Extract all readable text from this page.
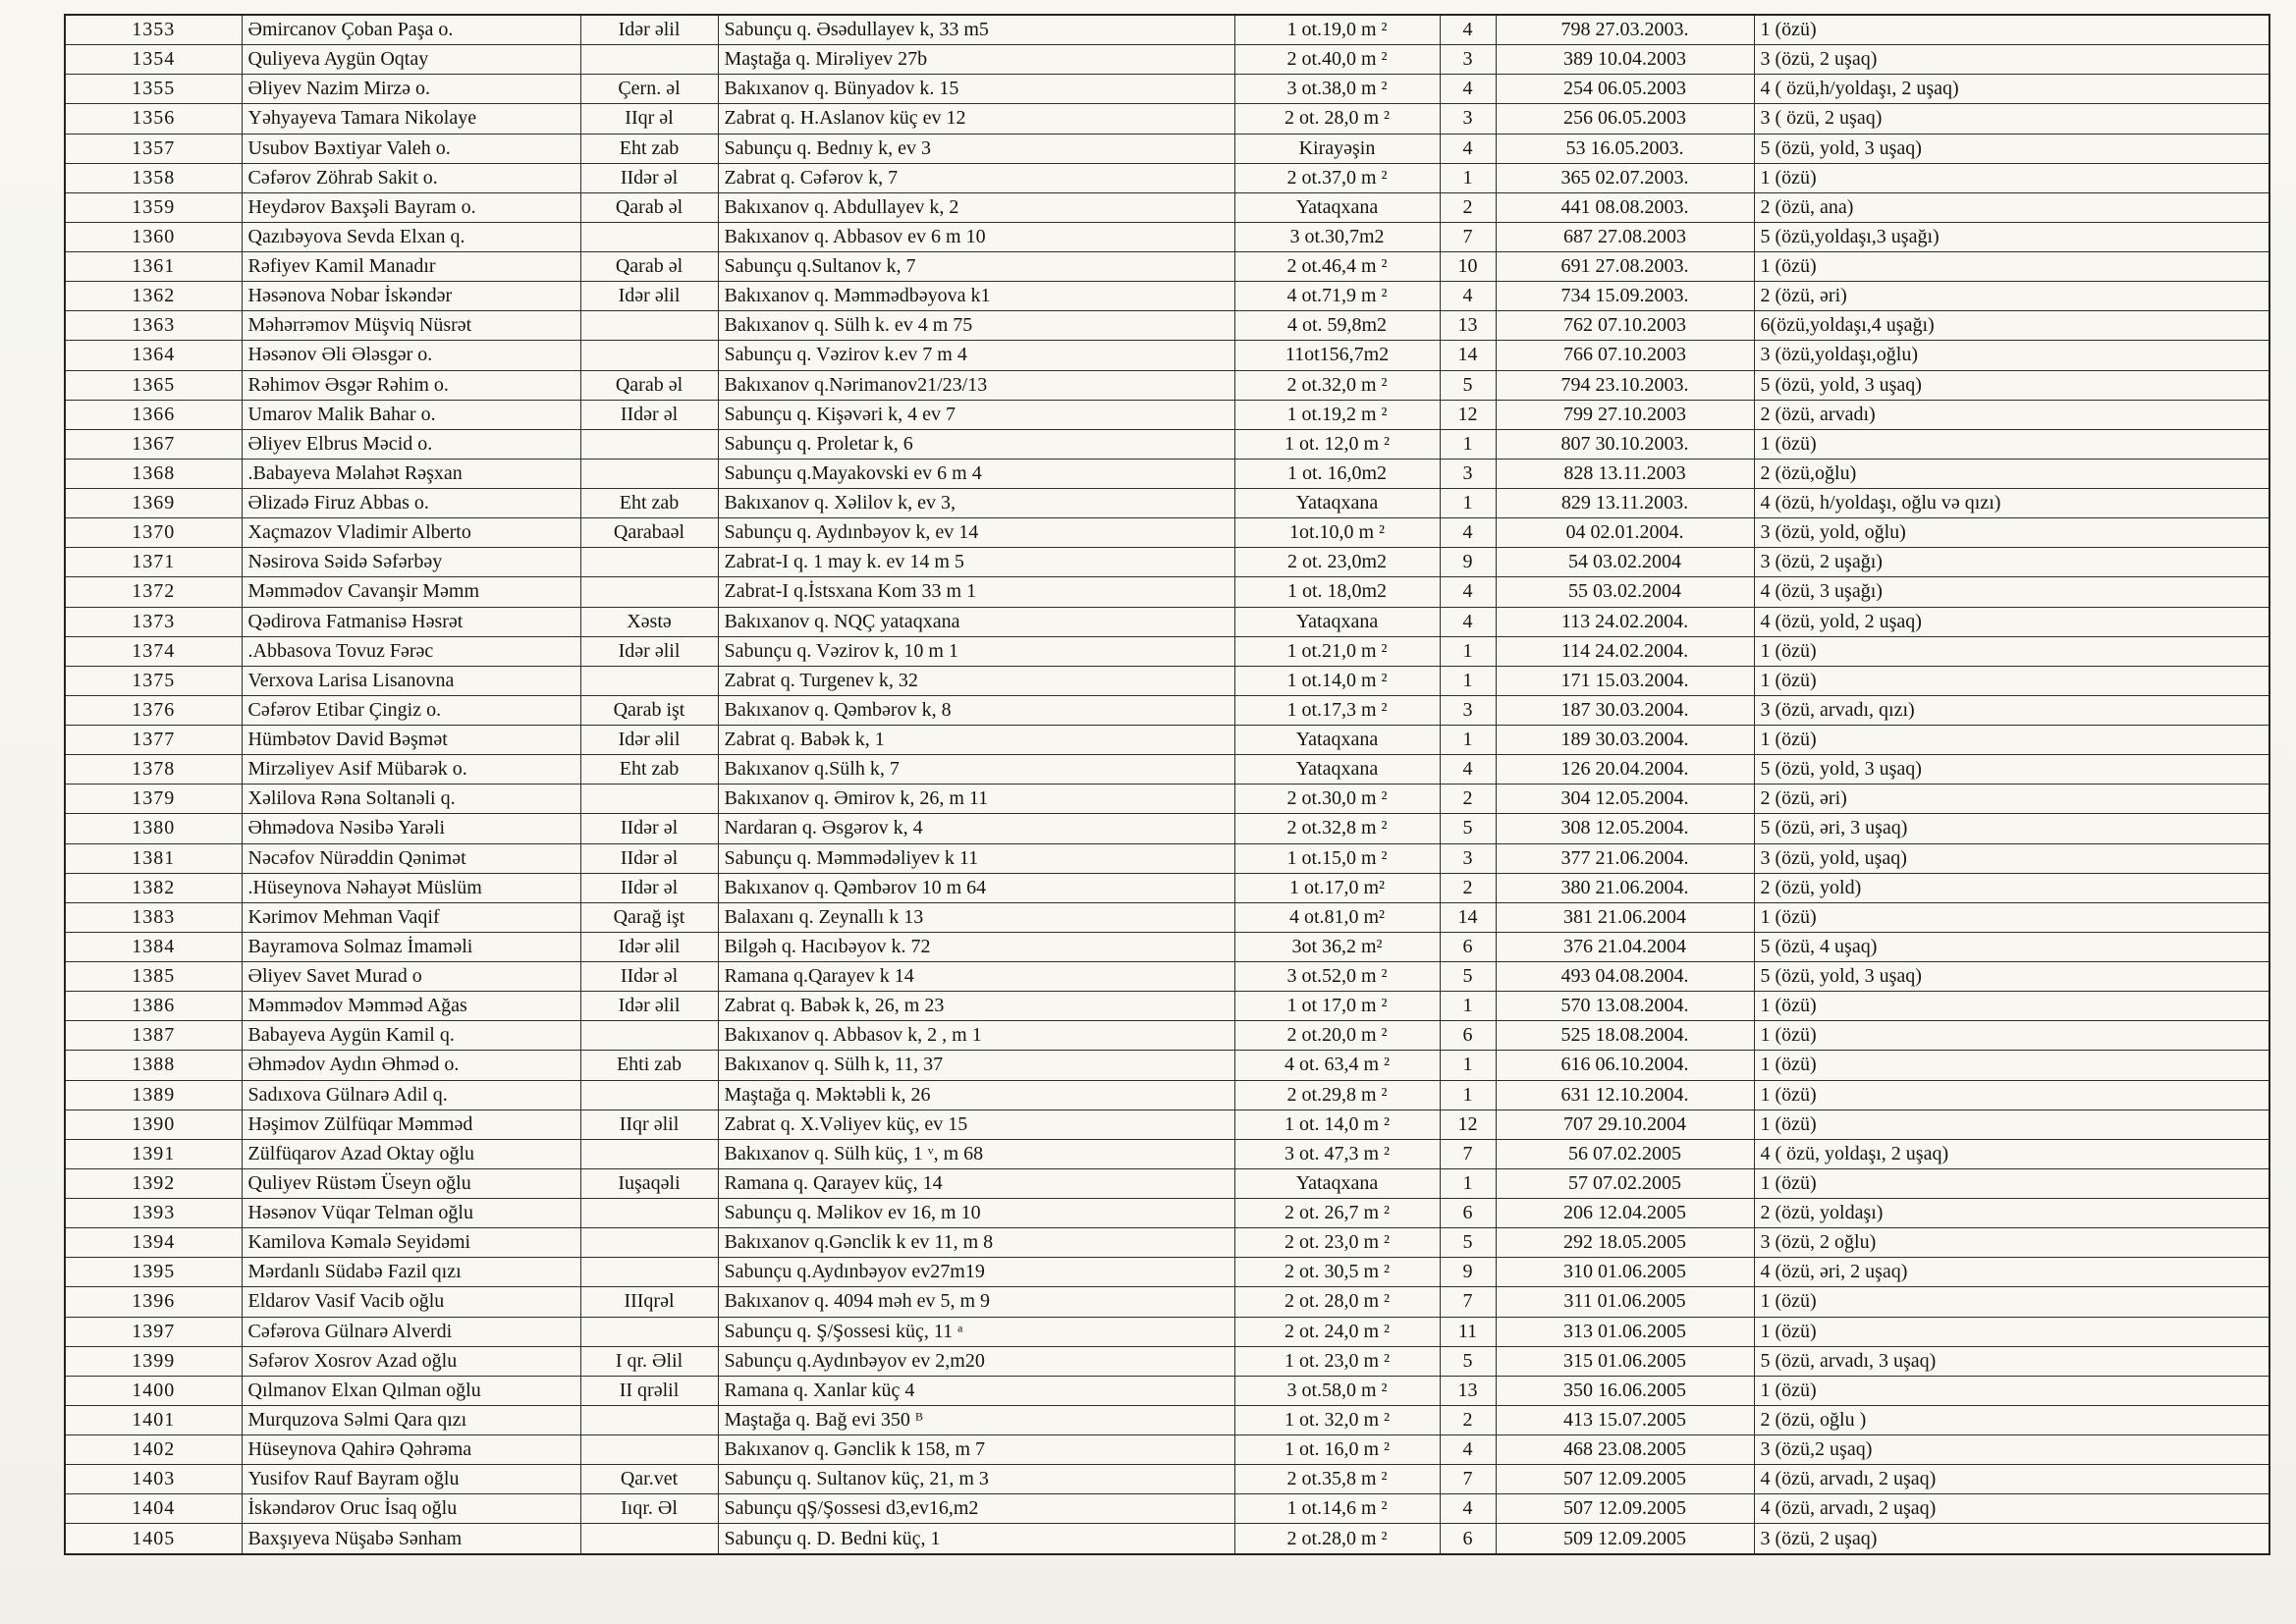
1353	Əmircanov Çoban Paşa o.	Idər əlil	Sabunçu q. Əsədullayev k, 33 m5	1 ot.19,0 m ²	4	798 27.03.2003.	1 (özü)
1354	Quliyeva Aygün Oqtay		Maştağa q. Mirəliyev 27b	2 ot.40,0 m ²	3	389 10.04.2003	3 (özü, 2 uşaq)
1355	Əliyev Nazim Mirzə o.	Çern. əl	Bakıxanov q. Bünyadov k. 15	3 ot.38,0 m ²	4	254 06.05.2003	4 ( özü,h/yoldaşı, 2 uşaq)
1356	Yəhyayeva Tamara Nikolaye	IIqr əl	Zabrat q. H.Aslanov küç ev 12	2 ot. 28,0 m ²	3	256 06.05.2003	3 ( özü, 2 uşaq)
1357	Usubov Bəxtiyar Valeh o.	Eht zab	Sabunçu q. Bednıy k, ev 3	Kirayəşin	4	53 16.05.2003.	5 (özü, yold, 3 uşaq)
1358	Cəfərov Zöhrab Sakit o.	IIdər əl	Zabrat q. Cəfərov k, 7	2 ot.37,0 m ²	1	365 02.07.2003.	1 (özü)
1359	Heydərov Baxşəli Bayram o.	Qarab əl	Bakıxanov q. Abdullayev k, 2	Yataqxana	2	441 08.08.2003.	2 (özü, ana)
1360	Qazıbəyova Sevda Elxan q.		Bakıxanov q. Abbasov ev 6 m 10	3 ot.30,7m2	7	687 27.08.2003	5 (özü,yoldaşı,3 uşağı)
1361	Rəfiyev Kamil Manadır	Qarab əl	Sabunçu q.Sultanov k, 7	2 ot.46,4 m ²	10	691 27.08.2003.	1 (özü)
1362	Həsənova Nobar İskəndər	Idər əlil	Bakıxanov q. Məmmədbəyova k1	4 ot.71,9 m ²	4	734 15.09.2003.	2 (özü, əri)
1363	Məhərrəmov Müşviq Nüsrət		Bakıxanov q. Sülh k. ev 4 m 75	4 ot. 59,8m2	13	762 07.10.2003	6(özü,yoldaşı,4 uşağı)
1364	Həsənov Əli Ələsgər o.		Sabunçu q. Vəzirov k.ev 7 m 4	11ot156,7m2	14	766 07.10.2003	3 (özü,yoldaşı,oğlu)
1365	Rəhimov Əsgər Rəhim o.	Qarab əl	Bakıxanov q.Nərimanov21/23/13	2 ot.32,0 m ²	5	794 23.10.2003.	5 (özü, yold, 3 uşaq)
1366	Umarov Malik Bahar o.	IIdər əl	Sabunçu q. Kişəvəri k, 4 ev 7	1 ot.19,2 m ²	12	799 27.10.2003	2 (özü, arvadı)
1367	Əliyev Elbrus Məcid o.		Sabunçu q. Proletar k, 6	1 ot. 12,0 m ²	1	807 30.10.2003.	1 (özü)
1368	.Babayeva Məlahət Rəşxan		Sabunçu q.Mayakovski ev 6 m 4	1 ot. 16,0m2	3	828 13.11.2003	2 (özü,oğlu)
1369	Əlizadə Firuz Abbas o.	Eht zab	Bakıxanov q. Xəlilov k, ev 3,	Yataqxana	1	829 13.11.2003.	4 (özü, h/yoldaşı, oğlu və qızı)
1370	Xaçmazov Vladimir Alberto	Qarabaəl	Sabunçu q. Aydınbəyov k, ev 14	1ot.10,0 m ²	4	04 02.01.2004.	3 (özü, yold, oğlu)
1371	Nəsirova Səidə Səfərbəy		Zabrat-I q. 1 may k. ev 14 m 5	2 ot. 23,0m2	9	54 03.02.2004	3 (özü, 2 uşağı)
1372	Məmmədov Cavanşir Məmm		Zabrat-I q.İstsxana Kom 33 m 1	1 ot. 18,0m2	4	55 03.02.2004	4 (özü, 3 uşağı)
1373	Qədirova Fatmanisə Həsrət	Xəstə	Bakıxanov q. NQÇ yataqxana	Yataqxana	4	113 24.02.2004.	4 (özü, yold, 2 uşaq)
1374	.Abbasova Tovuz Fərəc	Idər əlil	Sabunçu q. Vəzirov k, 10 m 1	1 ot.21,0 m ²	1	114 24.02.2004.	1 (özü)
1375	Verxova Larisa Lisanovna		Zabrat q. Turgenev k, 32	1 ot.14,0 m ²	1	171 15.03.2004.	1 (özü)
1376	Cəfərov Etibar Çingiz o.	Qarab işt	Bakıxanov q. Qəmbərov k, 8	1 ot.17,3 m ²	3	187 30.03.2004.	3 (özü, arvadı, qızı)
1377	Hümbətov David Bəşmət	Idər əlil	Zabrat q. Babək k, 1	Yataqxana	1	189 30.03.2004.	1 (özü)
1378	Mirzəliyev Asif Mübarək o.	Eht zab	Bakıxanov q.Sülh k, 7	Yataqxana	4	126 20.04.2004.	5 (özü, yold, 3 uşaq)
1379	Xəlilova Rəna Soltanəli q.		Bakıxanov q. Əmirov k, 26, m 11	2 ot.30,0 m ²	2	304 12.05.2004.	2 (özü, əri)
1380	Əhmədova Nəsibə Yarəli	IIdər əl	Nardaran q. Əsgərov k, 4	2 ot.32,8 m ²	5	308 12.05.2004.	5 (özü, əri, 3 uşaq)
1381	Nəcəfov Nürəddin Qənimət	IIdər əl	Sabunçu q. Məmmədəliyev k 11	1 ot.15,0 m ²	3	377 21.06.2004.	3 (özü, yold, uşaq)
1382	.Hüseynova Nəhayət Müslüm	IIdər əl	Bakıxanov q. Qəmbərov 10 m 64	1 ot.17,0 m²	2	380 21.06.2004.	2 (özü, yold)
1383	Kərimov Mehman Vaqif	Qarağ işt	Balaxanı q. Zeynallı k 13	4 ot.81,0 m²	14	381 21.06.2004	1 (özü)
1384	Bayramova Solmaz İmaməli	Idər əlil	Bilgəh q. Hacıbəyov k. 72	3ot 36,2 m²	6	376 21.04.2004	5 (özü, 4 uşaq)
1385	Əliyev Savet Murad o	IIdər əl	Ramana q.Qarayev k 14	3 ot.52,0 m ²	5	493 04.08.2004.	5 (özü, yold, 3 uşaq)
1386	Məmmədov Məmməd Ağas	Idər əlil	Zabrat q. Babək k, 26, m 23	1 ot 17,0 m ²	1	570 13.08.2004.	1 (özü)
1387	Babayeva Aygün Kamil q.		Bakıxanov q. Abbasov k, 2 , m 1	2 ot.20,0 m ²	6	525 18.08.2004.	1 (özü)
1388	Əhmədov Aydın Əhməd o.	Ehti zab	Bakıxanov q. Sülh k, 11, 37	4 ot. 63,4 m ²	1	616 06.10.2004.	1 (özü)
1389	Sadıxova Gülnarə Adil q.		Maştağa q. Məktəbli k, 26	2 ot.29,8 m ²	1	631 12.10.2004.	1 (özü)
1390	Həşimov Zülfüqar Məmməd	IIqr əlil	Zabrat q. X.Vəliyev küç, ev 15	1 ot. 14,0 m ²	12	707 29.10.2004	1 (özü)
1391	Zülfüqarov Azad Oktay oğlu		Bakıxanov q. Sülh küç, 1 ᵛ, m 68	3 ot. 47,3 m ²	7	56 07.02.2005	4 ( özü, yoldaşı, 2 uşaq)
1392	Quliyev Rüstəm Üseyn oğlu	Iuşaqəli	Ramana q. Qarayev küç, 14	Yataqxana	1	57 07.02.2005	1 (özü)
1393	Həsənov Vüqar Telman oğlu		Sabunçu q. Məlikov ev 16, m 10	2 ot. 26,7 m ²	6	206 12.04.2005	2 (özü, yoldaşı)
1394	Kamilova Kəmalə Seyidəmi		Bakıxanov q.Gənclik k ev 11, m 8	2 ot. 23,0 m ²	5	292 18.05.2005	3 (özü, 2 oğlu)
1395	Mərdanlı Südabə Fazil qızı		Sabunçu q.Aydınbəyov ev27m19	2 ot. 30,5 m ²	9	310 01.06.2005	4 (özü, əri, 2 uşaq)
1396	Eldarov Vasif Vacib oğlu	IIIqrəl	Bakıxanov q. 4094 məh ev 5, m 9	2 ot. 28,0 m ²	7	311 01.06.2005	1 (özü)
1397	Cəfərova Gülnarə Alverdi		Sabunçu q. Ş/Şossesi küç, 11 ᵃ	2 ot. 24,0 m ²	11	313 01.06.2005	1 (özü)
1399	Səfərov Xosrov Azad oğlu	I qr. Əlil	Sabunçu q.Aydınbəyov ev 2,m20	1 ot. 23,0 m ²	5	315 01.06.2005	5 (özü, arvadı, 3 uşaq)
1400	Qılmanov Elxan Qılman oğlu	II qrəlil	Ramana q. Xanlar küç 4	3 ot.58,0 m ²	13	350 16.06.2005	1 (özü)
1401	Murquzova Səlmi Qara qızı		Maştağa q. Bağ evi 350 ᴮ	1 ot. 32,0 m ²	2	413 15.07.2005	2 (özü, oğlu )
1402	Hüseynova Qahirə Qəhrəma		Bakıxanov q. Gənclik k 158, m 7	1 ot. 16,0 m ²	4	468 23.08.2005	3 (özü,2 uşaq)
1403	Yusifov Rauf Bayram oğlu	Qar.vet	Sabunçu q. Sultanov küç, 21, m 3	2 ot.35,8 m ²	7	507 12.09.2005	4 (özü, arvadı, 2 uşaq)
1404	İskəndərov Oruc İsaq oğlu	Iıqr. Əl	Sabunçu qŞ/Şossesi d3,ev16,m2	1 ot.14,6 m ²	4	507 12.09.2005	4 (özü, arvadı, 2 uşaq)
1405	Baxşıyeva Nüşabə Sənham		Sabunçu q. D. Bedni küç, 1	2 ot.28,0 m ²	6	509 12.09.2005	3 (özü, 2 uşaq)
